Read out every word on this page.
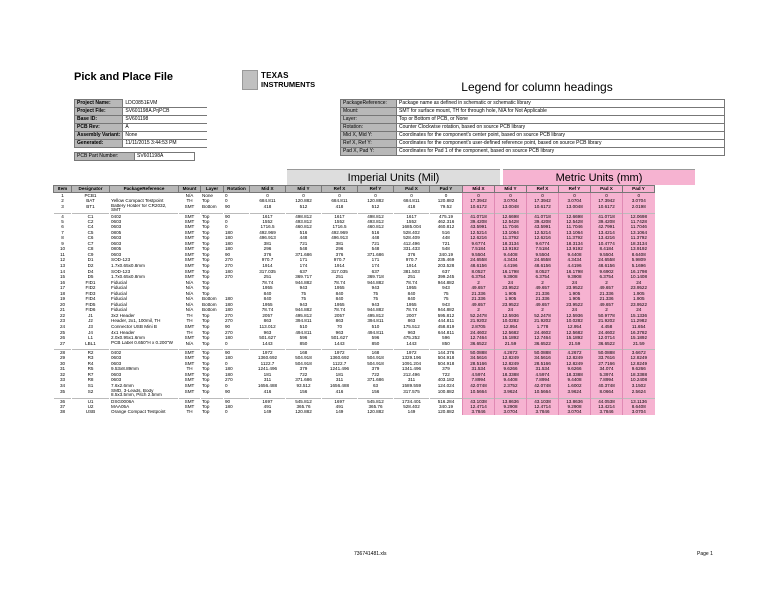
Pick and Place File	TEXAS
INSTRUMENTS
Project Name:	LDC0851EVM
Project File:	SV601198A.PrjPCB
Base ID:	SV601198
PCB Rev:	A
Assembly Variant:	None
Generated:	11/11/2015 3:44:53 PM
PCB Part Number:	SV601198A
Legend for column headings
PackageReference:	Package name as defined in schematic or schematic library
Mount:	SMT for surface mount, TH for through hole, N/A for Not Applicable
Layer:	Top or Bottom of PCB, or None
Rotation:	Counter Clockwise rotation, based on source PCB library
Mid X, Mid Y:	Coordinates for the component's center point, based on source PCB library
Ref X, Ref Y:	Coordinates for the component's user-defined reference point, based on source PCB library
Pad X, Pad Y:	Coordinates for Pad 1 of the component, based on source PCB library
Imperial Units (Mil)	Metric Units (mm)
Item	Designator	PackageReference	Mount	Layer	Rotation	Mid X	Mid Y	Ref X	Ref Y	Pad X	Pad Y	Mid X	Mid Y	Ref X	Ref Y	Pad X	Pad Y
1	PCB1		N/A	None	0	0	0	0	0	0	0	0	0	0	0	0	0
2	BAT	Yellow Compact Testpoint	TH	Top	0	684.811	120.882	684.811	120.882	684.811	120.882	17.3942	3.0704	17.3942	3.0704	17.3942	3.0704
3	BT1	Battery Holder for CR2032, SMT	SMT	Bottom	90	418	512	418	512	418	79.52	10.6172	13.0048	10.6172	13.0048	10.6172	2.0198
4	C1	0402	SMT	Top	90	1617	498.812	1617	498.812	1617	475.19	41.0718	12.6698	41.0718	12.6698	41.0718	12.0698
5	C2	0603	SMT	Top	0	1552	493.812	1552	493.812	1552	462.316	39.4208	12.5428	39.4208	12.5428	39.4208	11.7428
6	C4	0603	SMT	Top	0	1716.5	460.812	1716.5	460.812	1685.004	460.812	43.5991	11.7046	43.5991	11.7046	42.7991	11.7046
7	C5	0805	SMT	Top	180	492.969	516	492.969	516	528.402	516	12.5214	13.1064	12.5214	13.1064	13.4214	13.1064
8	C6	0603	SMT	Top	180	496.913	448	496.913	448	528.409	448	12.6216	11.3792	12.6216	11.3792	13.4216	11.3792
9	C7	0603	SMT	Top	180	381	721	381	721	412.496	721	9.6774	18.3134	9.6774	18.3134	10.4774	18.3134
10	C8	0805	SMT	Top	180	296	548	296	548	331.433	548	7.5184	13.9192	7.5184	13.9192	8.4184	13.9192
11	C9	0603	SMT	Top	90	376	371.686	376	371.686	376	340.19	9.5504	9.4408	9.5504	9.4408	9.5504	8.6408
12	D1	SOD-123	SMT	Top	270	970.7	171	970.7	171	970.7	235.469	24.6558	4.3434	24.6558	4.3434	24.6558	5.9809
13	D2	1.7x0.65x0.8mm	SMT	Top	270	1914	174	1914	174	1914	203.528	48.6156	4.4196	48.6156	4.4196	48.6156	5.1696
14	D4	SOD-123	SMT	Top	180	317.035	637	317.035	637	381.503	637	8.0527	16.1798	8.0527	16.1798	9.6902	16.1798
15	D5	1.7x0.65x0.8mm	SMT	Top	270	251	369.717	251	369.718	251	399.245	6.3754	9.3908	6.3754	9.3908	6.3754	10.1408
16	FID1	Fiducial	N/A	Top		78.74	944.882	78.74	944.882	78.74	944.882	2	24	2	24	2	24
17	FID2	Fiducial	N/A	Top		1955	943	1955	943	1955	943	49.657	23.9522	49.657	23.9522	49.657	23.9522
18	FID3	Fiducial	N/A	Top		840	75	840	75	840	75	21.336	1.905	21.336	1.905	21.336	1.905
19	FID4	Fiducial	N/A	Bottom	180	840	75	840	75	840	75	21.336	1.905	21.336	1.905	21.336	1.905
20	FID5	Fiducial	N/A	Bottom	180	1955	943	1955	943	1955	943	49.657	23.9522	49.657	23.9522	49.657	23.9522
21	FID6	Fiducial	N/A	Bottom	180	78.74	944.882	78.74	944.882	78.74	944.882	2	24	2	24	2	24
22	J1	3x2 Header	TH	Top	270	2057	495.812	2057	495.812	2007	595.812	52.2478	12.5936	52.2478	12.5936	50.9778	15.1336
23	J2	Header, 2x1, 100mil, TH	TH	Top	270	863	394.811	863	394.811	863	444.811	21.9202	10.0282	21.9202	10.0282	21.9202	11.2982
24	J3	Connector USB Mini B	SMT	Top	90	113.012	510	70	510	175.512	458.819	2.8705	12.954	1.778	12.954	4.458	11.654
25	J4	4x1 Header	TH	Top	270	963	494.811	963	494.811	963	644.811	24.4602	12.5682	24.4602	12.5682	24.4602	16.3782
26	L1	2.0x0.95x1.6mm	SMT	Top	180	501.627	596	501.627	596	475.252	596	12.7464	15.1892	12.7464	15.1892	12.0714	15.1892
27	LBL1	PCB Label 0.650"H x 0.200"W	N/A	Top	0	1443	850	1443	850	1443	850	36.6522	21.59	36.6522	21.59	36.6522	21.59
28	R2	0402	SMT	Top	90	1972	168	1972	168	1972	144.376	50.0888	4.2672	50.0888	4.2672	50.0888	3.6672
29	R3	0603	SMT	Top	180	1360.692	504.918	1360.692	504.918	1329.196	504.918	34.5616	12.8249	34.5616	12.8249	33.7616	12.8249
30	R4	0603	SMT	Top	0	1122.7	504.918	1122.7	504.918	1091.204	504.918	28.5166	12.8249	28.5166	12.8249	27.7166	12.8249
31	R5	9.53x8.89mm	TH	Top	180	1241.496	379	1241.496	379	1341.496	379	31.534	9.6266	31.534	9.6266	34.074	9.6266
32	R7	0603	SMT	Top	180	181	722	181	722	212.496	722	4.5974	18.3388	4.5974	18.3388	5.3974	18.3388
33	R8	0603	SMT	Top	270	311	371.686	311	371.686	311	403.182	7.8994	9.4408	7.8994	9.4408	7.8994	10.2408
34	S1	7.6x2.6mm	SMT	Top	0	1656.488	93.512	1656.488	63	1589.559	124.024	42.0748	2.3752	42.0748	1.6002	40.3748	3.1502
35	S2	SMD, 3-Leads, Body 8.5x3.5mm, Pitch 2.5mm	SMT	Top	90	416	156	416	156	317.575	100.882	10.5664	3.9624	10.5664	3.9624	8.0664	2.5624
36	U1	DSG0006A	SMT	Top	90	1697	545.812	1697	545.812	1734.401	516.284	43.1038	13.8636	43.1038	13.8636	44.0538	13.1136
37	U2	MAA05A	SMT	Top	180	491	365.76	491	365.76	528.402	340.19	12.4714	9.2908	12.4714	9.2908	13.4214	8.6408
38	USB	Orange Compact Testpoint	TH	Top	0	149	120.882	149	120.882	149	120.882	3.7846	3.0704	3.7846	3.0704	3.7846	3.0704
736741481.xls	Page 1
